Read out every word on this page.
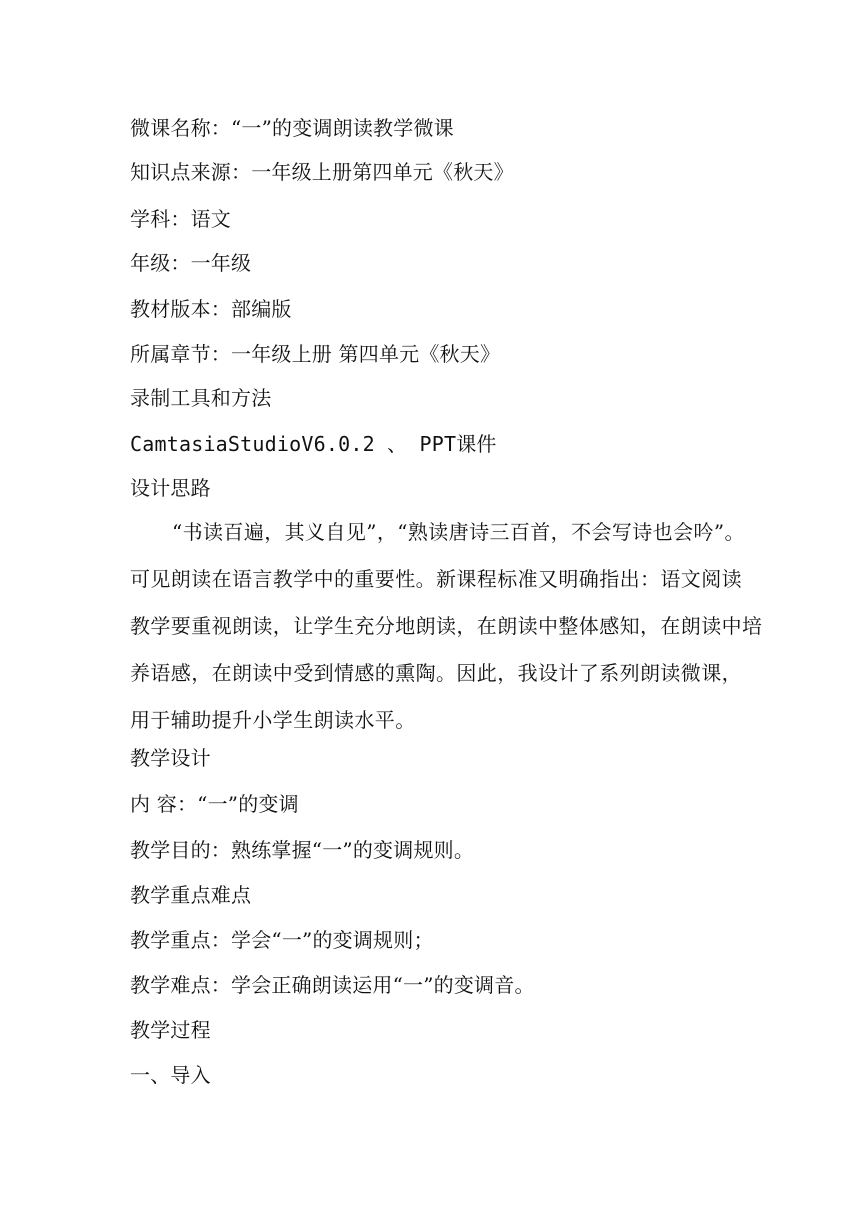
微课名称：“一”的变调朗读教学微课
知识点来源：一年级上册第四单元《秋天》
学科：语文
年级：一年级
教材版本：部编版
所属章节：一年级上册 第四单元《秋天》
录制工具和方法
CamtasiaStudioV6.0.2 、 PPT课件
设计思路
“书读百遍，其义自见”，“熟读唐诗三百首，不会写诗也会吟”。
可见朗读在语言教学中的重要性。新课程标准又明确指出：语文阅读
教学要重视朗读，让学生充分地朗读，在朗读中整体感知，在朗读中培
养语感，在朗读中受到情感的熏陶。因此，我设计了系列朗读微课，
用于辅助提升小学生朗读水平。
教学设计
内 容：“一”的变调
教学目的：熟练掌握“一”的变调规则。
教学重点难点
教学重点：学会“一”的变调规则；
教学难点：学会正确朗读运用“一”的变调音。
教学过程
一、导入
